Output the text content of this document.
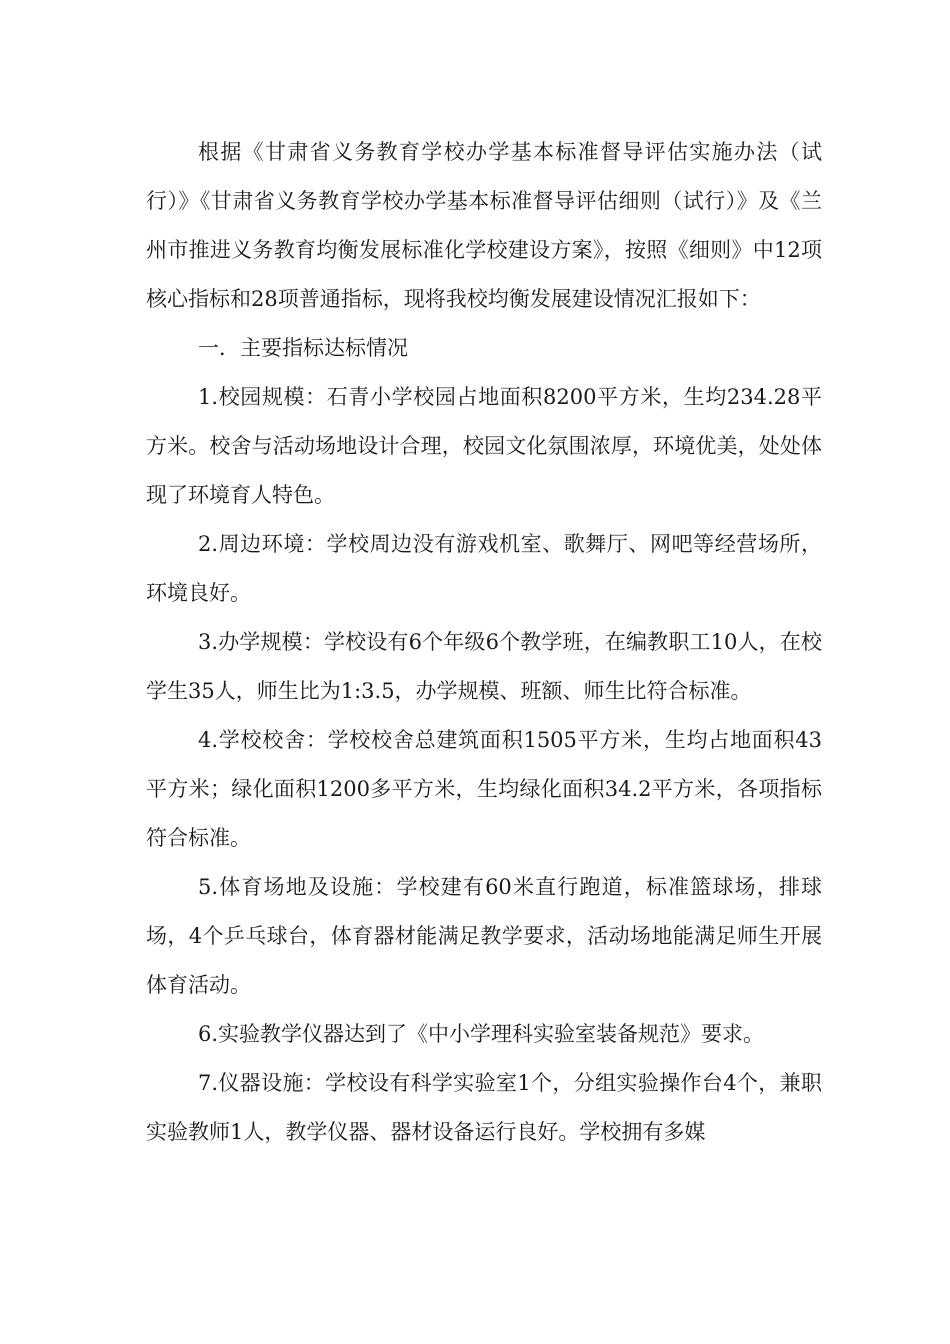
根据《甘肃省义务教育学校办学基本标准督导评估实施办法（试行）》《甘肃省义务教育学校办学基本标准督导评估细则（试行）》及《兰州市推进义务教育均衡发展标准化学校建设方案》，按照《细则》中12项核心指标和28项普通指标，现将我校均衡发展建设情况汇报如下：

一．主要指标达标情况

1.校园规模：石青小学校园占地面积8200平方米，生均234.28平方米。校舍与活动场地设计合理，校园文化氛围浓厚，环境优美，处处体现了环境育人特色。

2.周边环境：学校周边没有游戏机室、歌舞厅、网吧等经营场所，环境良好。

3.办学规模：学校设有6个年级6个教学班，在编教职工10人，在校学生35人，师生比为1:3.5，办学规模、班额、师生比符合标准。

4.学校校舍：学校校舍总建筑面积1505平方米，生均占地面积43平方米；绿化面积1200多平方米，生均绿化面积34.2平方米，各项指标符合标准。

5.体育场地及设施：学校建有60米直行跑道，标准篮球场，排球场，4个乒乓球台，体育器材能满足教学要求，活动场地能满足师生开展体育活动。

6.实验教学仪器达到了《中小学理科实验室装备规范》要求。

7.仪器设施：学校设有科学实验室1个，分组实验操作台4个，兼职实验教师1人，教学仪器、器材设备运行良好。学校拥有多媒
